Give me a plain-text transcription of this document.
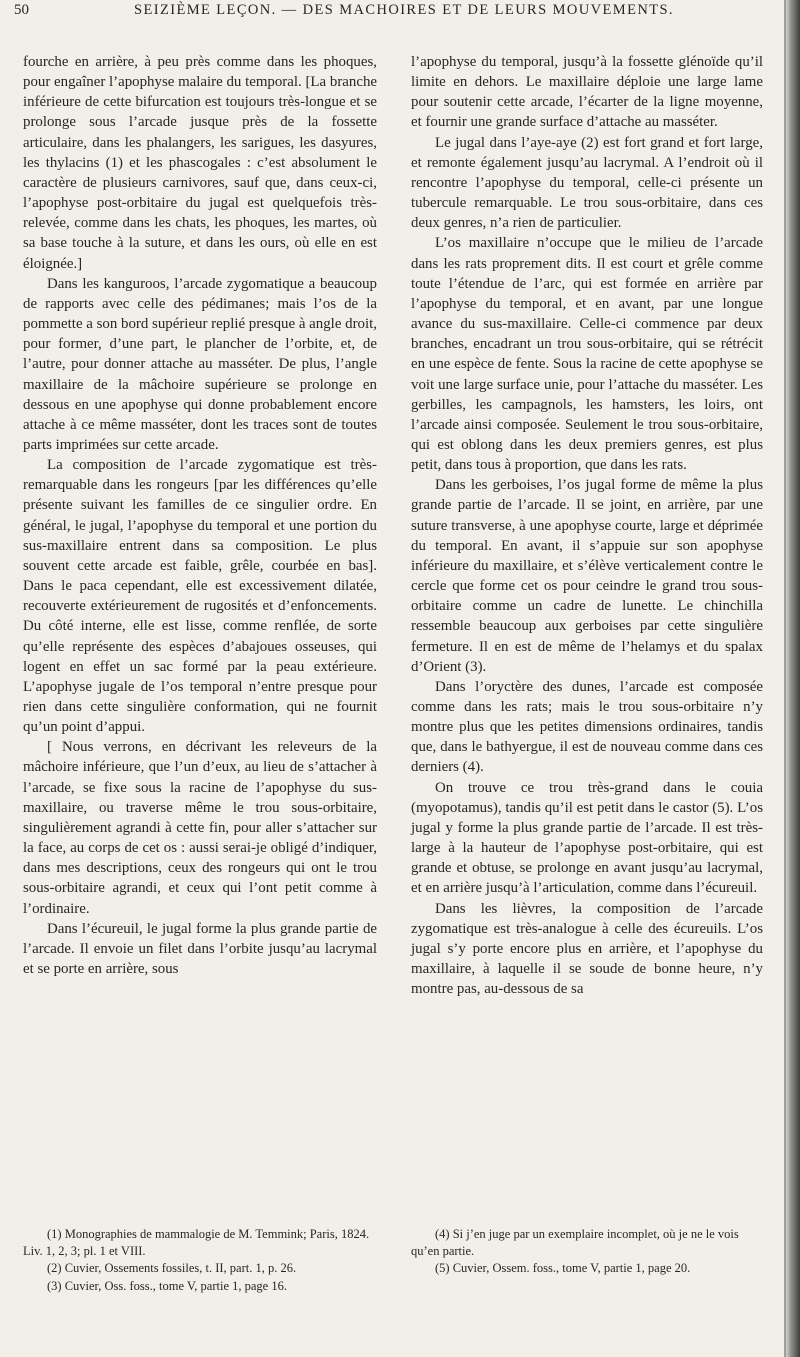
50	SEIZIÈME LEÇON. — DES MACHOIRES ET DE LEURS MOUVEMENTS.

fourche en arrière, à peu près comme dans les phoques, pour engaîner l’apophyse malaire du temporal. [La branche inférieure de cette bifurcation est toujours très-longue et se prolonge sous l’arcade jusque près de la fossette articulaire, dans les phalangers, les sarigues, les dasyures, les thylacins (1) et les phascogales : c’est absolument le caractère de plusieurs carnivores, sauf que, dans ceux-ci, l’apophyse post-orbitaire du jugal est quelquefois très-relevée, comme dans les chats, les phoques, les martes, où sa base touche à la suture, et dans les ours, où elle en est éloignée.]

Dans les kanguroos, l’arcade zygomatique a beaucoup de rapports avec celle des pédimanes; mais l’os de la pommette a son bord supérieur replié presque à angle droit, pour former, d’une part, le plancher de l’orbite, et, de l’autre, pour donner attache au masséter. De plus, l’angle maxillaire de la mâchoire supérieure se prolonge en dessous en une apophyse qui donne probablement encore attache à ce même masséter, dont les traces sont de toutes parts imprimées sur cette arcade.

La composition de l’arcade zygomatique est très-remarquable dans les rongeurs [par les différences qu’elle présente suivant les familles de ce singulier ordre. En général, le jugal, l’apophyse du temporal et une portion du sus-maxillaire entrent dans sa composition. Le plus souvent cette arcade est faible, grêle, courbée en bas]. Dans le paca cependant, elle est excessivement dilatée, recouverte extérieurement de rugosités et d’enfoncements. Du côté interne, elle est lisse, comme renflée, de sorte qu’elle représente des espèces d’abajoues osseuses, qui logent en effet un sac formé par la peau extérieure. L’apophyse jugale de l’os temporal n’entre presque pour rien dans cette singulière conformation, qui ne fournit qu’un point d’appui.

[ Nous verrons, en décrivant les releveurs de la mâchoire inférieure, que l’un d’eux, au lieu de s’attacher à l’arcade, se fixe sous la racine de l’apophyse du sus-maxillaire, ou traverse même le trou sous-orbitaire, singulièrement agrandi à cette fin, pour aller s’attacher sur la face, au corps de cet os : aussi serai-je obligé d’indiquer, dans mes descriptions, ceux des rongeurs qui ont le trou sous-orbitaire agrandi, et ceux qui l’ont petit comme à l’ordinaire.

Dans l’écureuil, le jugal forme la plus grande partie de l’arcade. Il envoie un filet dans l’orbite jusqu’au lacrymal et se porte en arrière, sous

l’apophyse du temporal, jusqu’à la fossette glénoïde qu’il limite en dehors. Le maxillaire déploie une large lame pour soutenir cette arcade, l’écarter de la ligne moyenne, et fournir une grande surface d’attache au masséter.

Le jugal dans l’aye-aye (2) est fort grand et fort large, et remonte également jusqu’au lacrymal. A l’endroit où il rencontre l’apophyse du temporal, celle-ci présente un tubercule remarquable. Le trou sous-orbitaire, dans ces deux genres, n’a rien de particulier.

L’os maxillaire n’occupe que le milieu de l’arcade dans les rats proprement dits. Il est court et grêle comme toute l’étendue de l’arc, qui est formée en arrière par l’apophyse du temporal, et en avant, par une longue avance du sus-maxillaire. Celle-ci commence par deux branches, encadrant un trou sous-orbitaire, qui se rétrécit en une espèce de fente. Sous la racine de cette apophyse se voit une large surface unie, pour l’attache du masséter. Les gerbilles, les campagnols, les hamsters, les loirs, ont l’arcade ainsi composée. Seulement le trou sous-orbitaire, qui est oblong dans les deux premiers genres, est plus petit, dans tous à proportion, que dans les rats.

Dans les gerboises, l’os jugal forme de même la plus grande partie de l’arcade. Il se joint, en arrière, par une suture transverse, à une apophyse courte, large et déprimée du temporal. En avant, il s’appuie sur son apophyse inférieure du maxillaire, et s’élève verticalement contre le cercle que forme cet os pour ceindre le grand trou sous-orbitaire comme un cadre de lunette. Le chinchilla ressemble beaucoup aux gerboises par cette singulière fermeture. Il en est de même de l’helamys et du spalax d’Orient (3).

Dans l’oryctère des dunes, l’arcade est composée comme dans les rats; mais le trou sous-orbitaire n’y montre plus que les petites dimensions ordinaires, tandis que, dans le bathyergue, il est de nouveau comme dans ces derniers (4).

On trouve ce trou très-grand dans le couia (myopotamus), tandis qu’il est petit dans le castor (5). L’os jugal y forme la plus grande partie de l’arcade. Il est très-large à la hauteur de l’apophyse post-orbitaire, qui est grande et obtuse, se prolonge en avant jusqu’au lacrymal, et en arrière jusqu’à l’articulation, comme dans l’écureuil.

Dans les lièvres, la composition de l’arcade zygomatique est très-analogue à celle des écureuils. L’os jugal s’y porte encore plus en arrière, et l’apophyse du maxillaire, à laquelle il se soude de bonne heure, n’y montre pas, au-dessous de sa

(1) Monographies de mammalogie de M. Temmink; Paris, 1824. Liv. 1, 2, 3; pl. 1 et VIII.

(2) Cuvier, Ossements fossiles, t. II, part. 1, p. 26.

(3) Cuvier, Oss. foss., tome V, partie 1, page 16.

(4) Si j’en juge par un exemplaire incomplet, où je ne le vois qu’en partie.

(5) Cuvier, Ossem. foss., tome V, partie 1, page 20.
